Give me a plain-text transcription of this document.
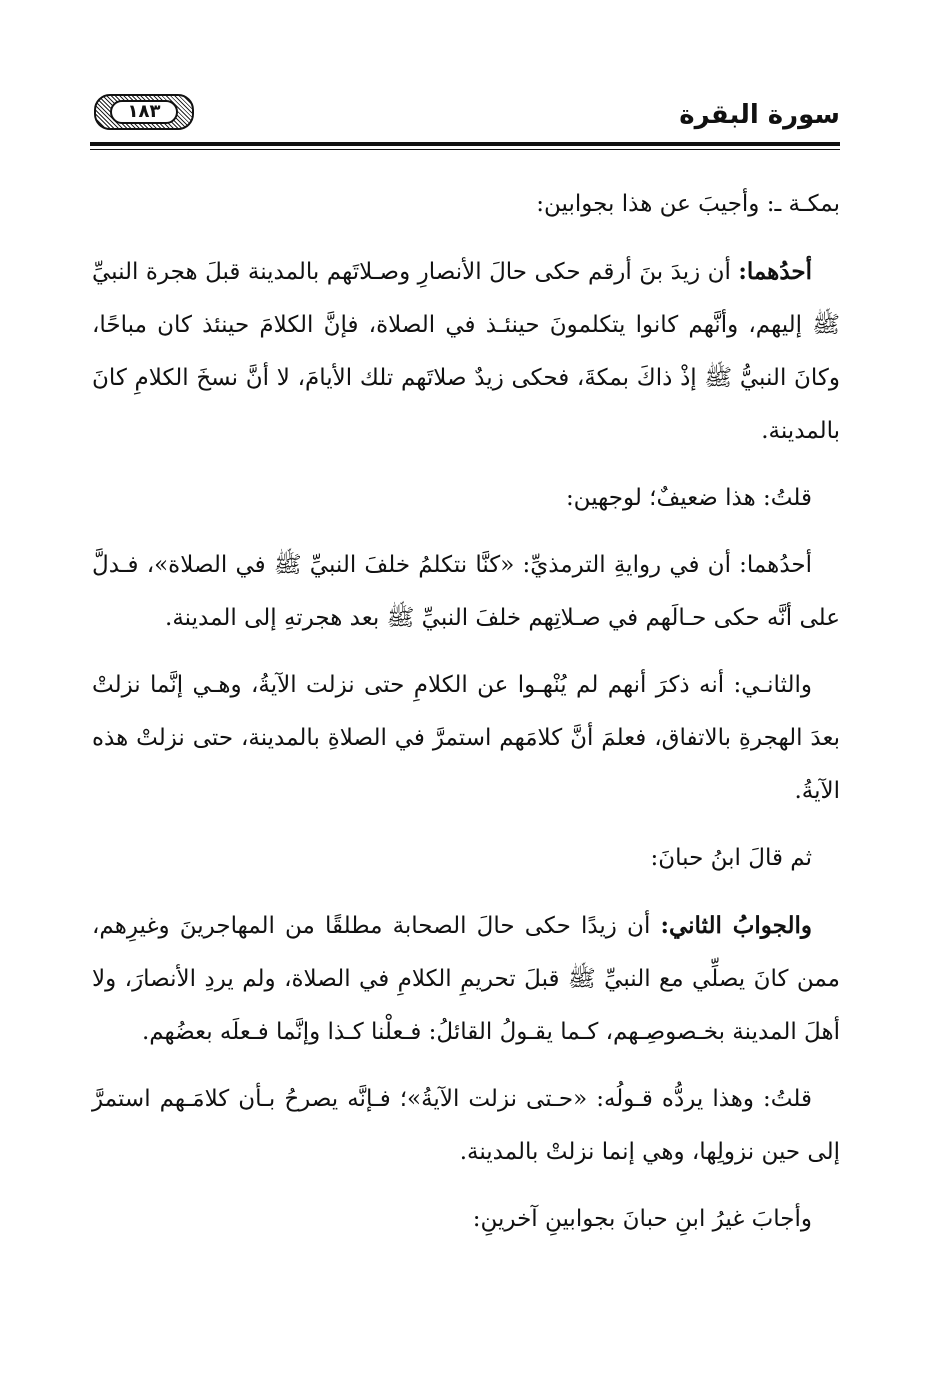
سورة البقرة
١٨٣

بمكـة ـ: وأجيبَ عن هذا بجوابين:

أحدُهما: أن زيدَ بنَ أرقم حكى حالَ الأنصارِ وصـلاتَهم بالمدينة قبلَ هجرة النبيِّ ﷺ إليهم، وأنَّهم كانوا يتكلمونَ حينئـذ في الصلاة، فإنَّ الكلامَ حينئذ كان مباحًا، وكانَ النبيُّ ﷺ إذْ ذاكَ بمكةَ، فحكى زيدٌ صلاتَهم تلك الأيامَ، لا أنَّ نسخَ الكلامِ كانَ بالمدينة.

قلتُ: هذا ضعيفٌ؛ لوجهين:

أحدُهما: أن في روايةِ الترمذيِّ: «كنَّا نتكلمُ خلفَ النبيِّ ﷺ في الصلاة»، فـدلَّ على أنَّه حكى حـالَهم في صـلاتِهم خلفَ النبيِّ ﷺ بعد هجرتهِ إلى المدينة.

والثانـي: أنه ذكرَ أنهم لم يُنْهـوا عن الكلامِ حتى نزلت الآيةُ، وهـي إنَّما نزلتْ بعدَ الهجرةِ بالاتفاق، فعلمَ أنَّ كلامَهم استمرَّ في الصلاةِ بالمدينة، حتى نزلتْ هذه الآيةُ.

ثم قالَ ابنُ حبانَ:

والجوابُ الثاني: أن زيدًا حكى حالَ الصحابة مطلقًا من المهاجرينَ وغيرِهم، ممن كانَ يصلِّي مع النبيِّ ﷺ قبلَ تحريمِ الكلامِ في الصلاة، ولم يردِ الأنصارَ، ولا أهلَ المدينة بخـصوصِـهم، كـما يقـولُ القائلُ: فـعلْنا كـذا وإنَّما فـعلَه بعضُهم.

قلتُ: وهذا يردُّه قـولُه: «حـتى نزلت الآيةُ»؛ فـإنَّه يصرحُ بـأن كلامَـهم استمرَّ إلى حين نزولِها، وهي إنما نزلتْ بالمدينة.

وأجابَ غيرُ ابنِ حبانَ بجوابينِ آخرينِ:
